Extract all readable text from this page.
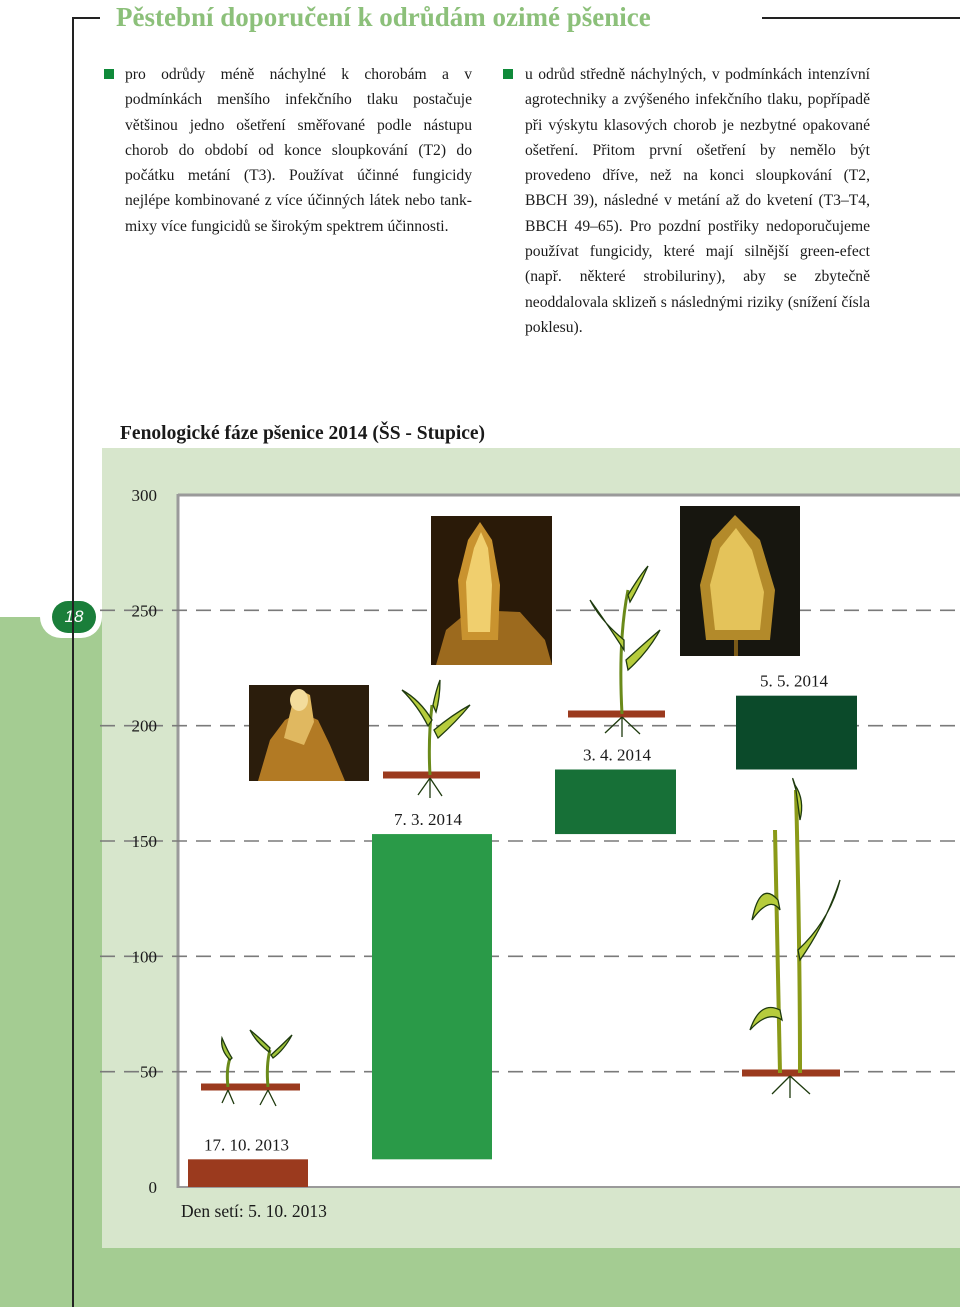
Pěstební doporučení k odrůdám ozimé pšenice
pro odrůdy méně náchylné k chorobám a v podmínkách menšího infekčního tlaku postačuje většinou jedno ošetření směřované podle nástupu chorob do období od konce sloupkování (T2) do počátku metání (T3). Používat účinné fungicidy nejlépe kombinované z více účinných látek nebo tank-mixy více fungicidů se širokým spektrem účinnosti.
u odrůd středně náchylných, v podmínkách intenzívní agrotechniky a zvýšeného infekčního tlaku, popřípadě při výskytu klasových chorob je nezbytné opakované ošetření. Přitom první ošetření by nemělo být provedeno dříve, než na konci sloupkování (T2, BBCH 39), následné v metání až do kvetení (T3–T4, BBCH 49–65). Pro pozdní postřiky nedoporučujeme používat fungicidy, které mají silnější green-efect (např. některé strobiluriny), aby se zbytečně neoddalovala sklizeň s následnými riziky (snížení čísla poklesu).
Fenologické fáze pšenice 2014 (ŠS - Stupice)
18
0
50
100
150
200
250
300
Den setí: 5. 10. 2013
17. 10. 2013
7. 3. 2014
3. 4. 2014
5. 5. 2014
